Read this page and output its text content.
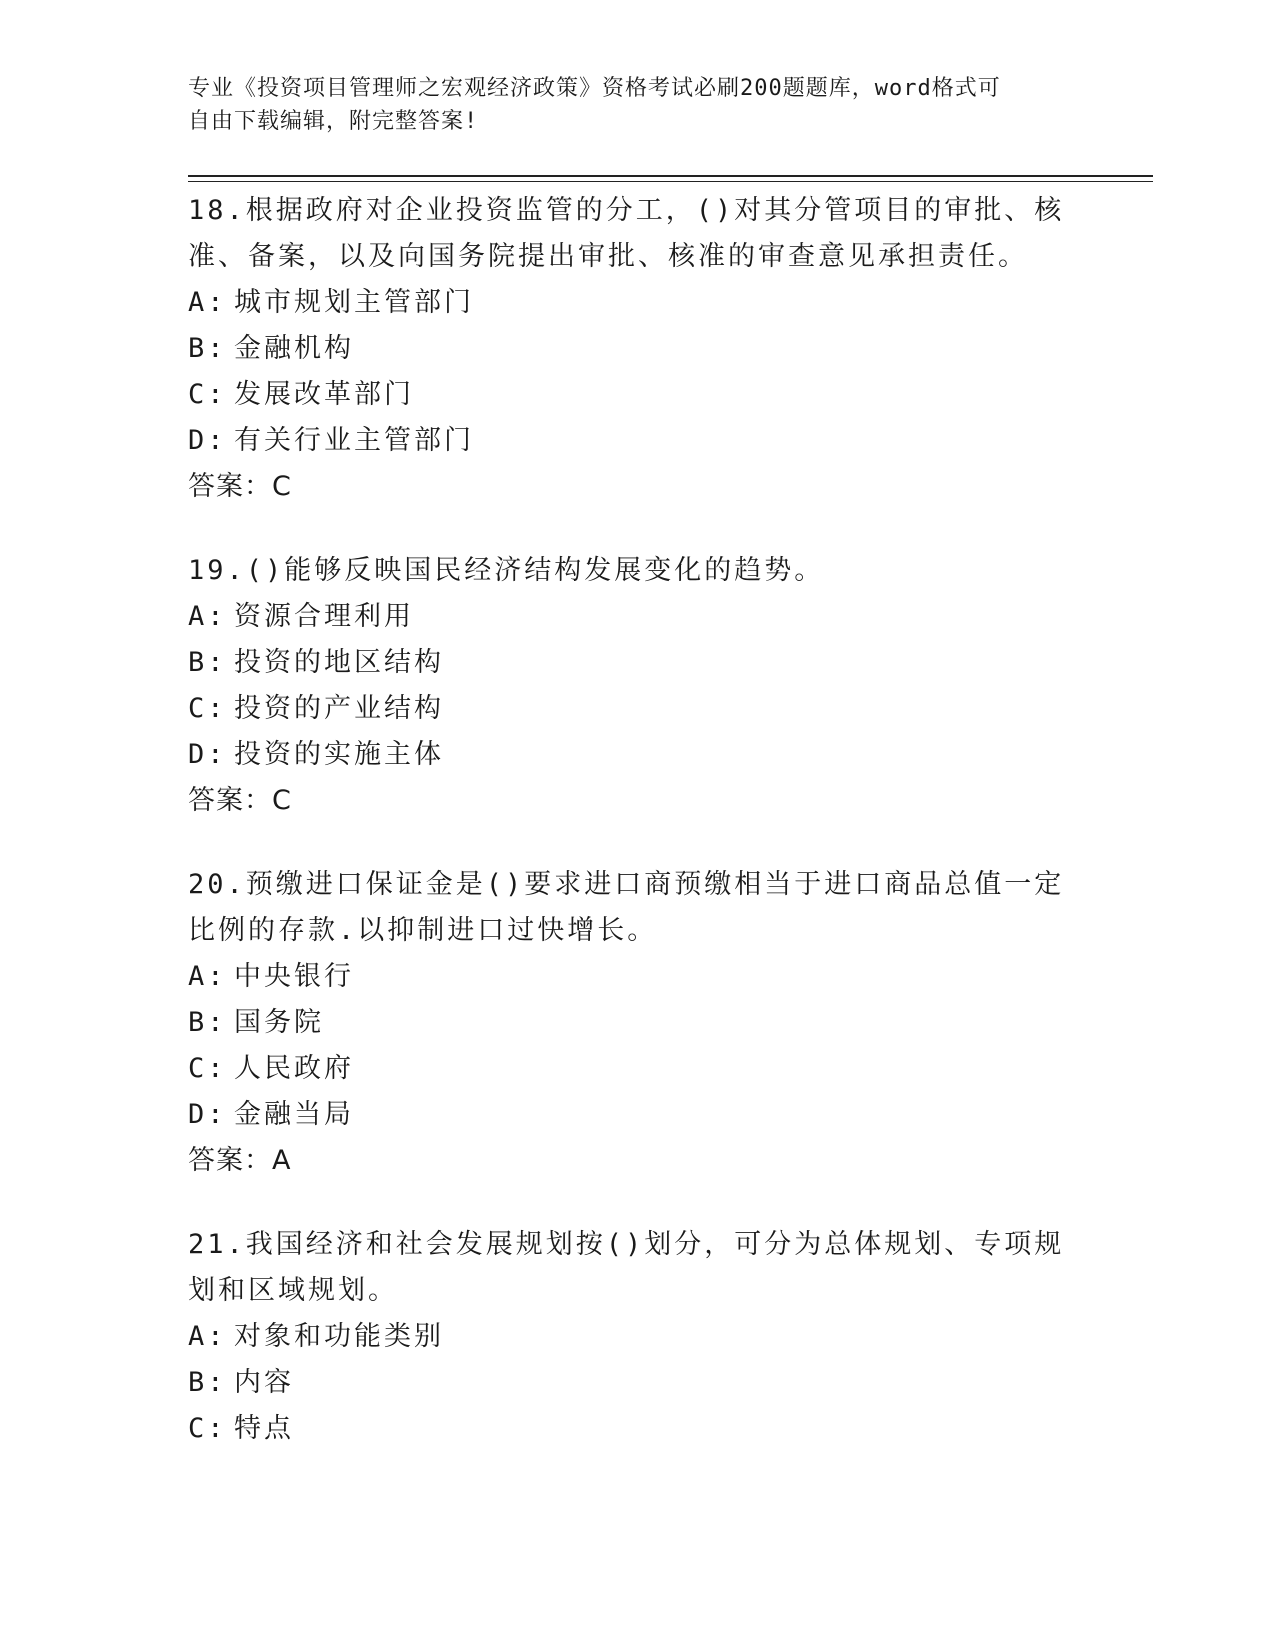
专业《投资项目管理师之宏观经济政策》资格考试必刷200题题库，word格式可
自由下载编辑，附完整答案!
18.根据政府对企业投资监管的分工，()对其分管项目的审批、核准、备案，以及向国务院提出审批、核准的审查意见承担责任。
A: 城市规划主管部门
B: 金融机构
C: 发展改革部门
D: 有关行业主管部门
答案：C
19.()能够反映国民经济结构发展变化的趋势。
A: 资源合理利用
B: 投资的地区结构
C: 投资的产业结构
D: 投资的实施主体
答案：C
20.预缴进口保证金是()要求进口商预缴相当于进口商品总值一定比例的存款.以抑制进口过快增长。
A: 中央银行
B: 国务院
C: 人民政府
D: 金融当局
答案：A
21.我国经济和社会发展规划按()划分，可分为总体规划、专项规划和区域规划。
A: 对象和功能类别
B: 内容
C: 特点
